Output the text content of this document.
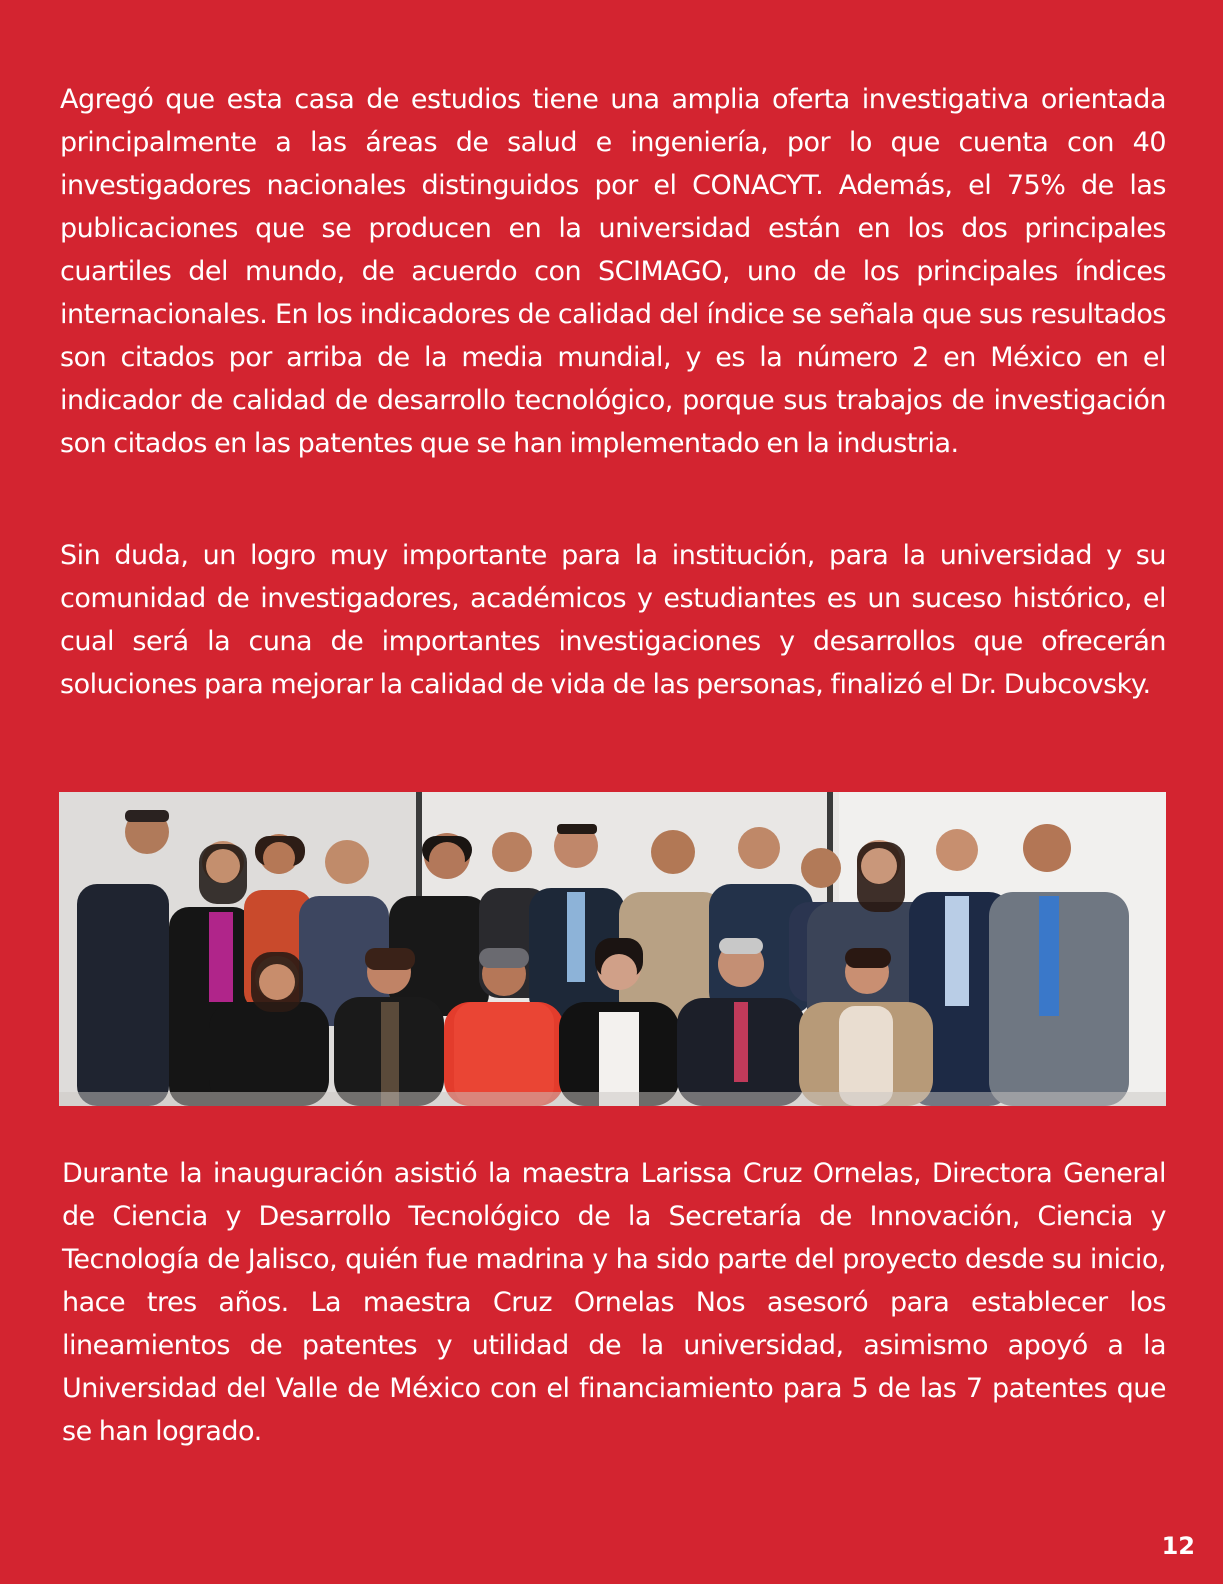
Agregó que esta casa de estudios tiene una amplia oferta investigativa orientada principalmente a las áreas de salud e ingeniería, por lo que cuenta con 40 investigadores nacionales distinguidos por el CONACYT. Además, el 75% de las publicaciones que se producen en la universidad están en los dos principales cuartiles del mundo, de acuerdo con SCIMAGO, uno de los principales índices internacionales. En los indicadores de calidad del índice se señala que sus resultados son citados por arriba de la media mundial, y es la número 2 en México en el indicador de calidad de desarrollo tecnológico, porque sus trabajos de investigación son citados en las patentes que se han implementado en la industria.

Sin duda, un logro muy importante para la institución, para la universidad y su comunidad de investigadores, académicos y estudiantes es un suceso histórico, el cual será la cuna de importantes investigaciones y desarrollos que ofrecerán soluciones para mejorar la calidad de vida de las personas, finalizó el Dr. Dubcovsky.

Durante la inauguración asistió la maestra Larissa Cruz Ornelas, Directora General de Ciencia y Desarrollo Tecnológico de la Secretaría de Innovación, Ciencia y Tecnología de Jalisco, quién fue madrina y ha sido parte del proyecto desde su inicio, hace tres años. La maestra Cruz Ornelas Nos asesoró para establecer los lineamientos de patentes y utilidad de la universidad, asimismo apoyó a la Universidad del Valle de México con el financiamiento para 5 de las 7 patentes que se han logrado.

12
